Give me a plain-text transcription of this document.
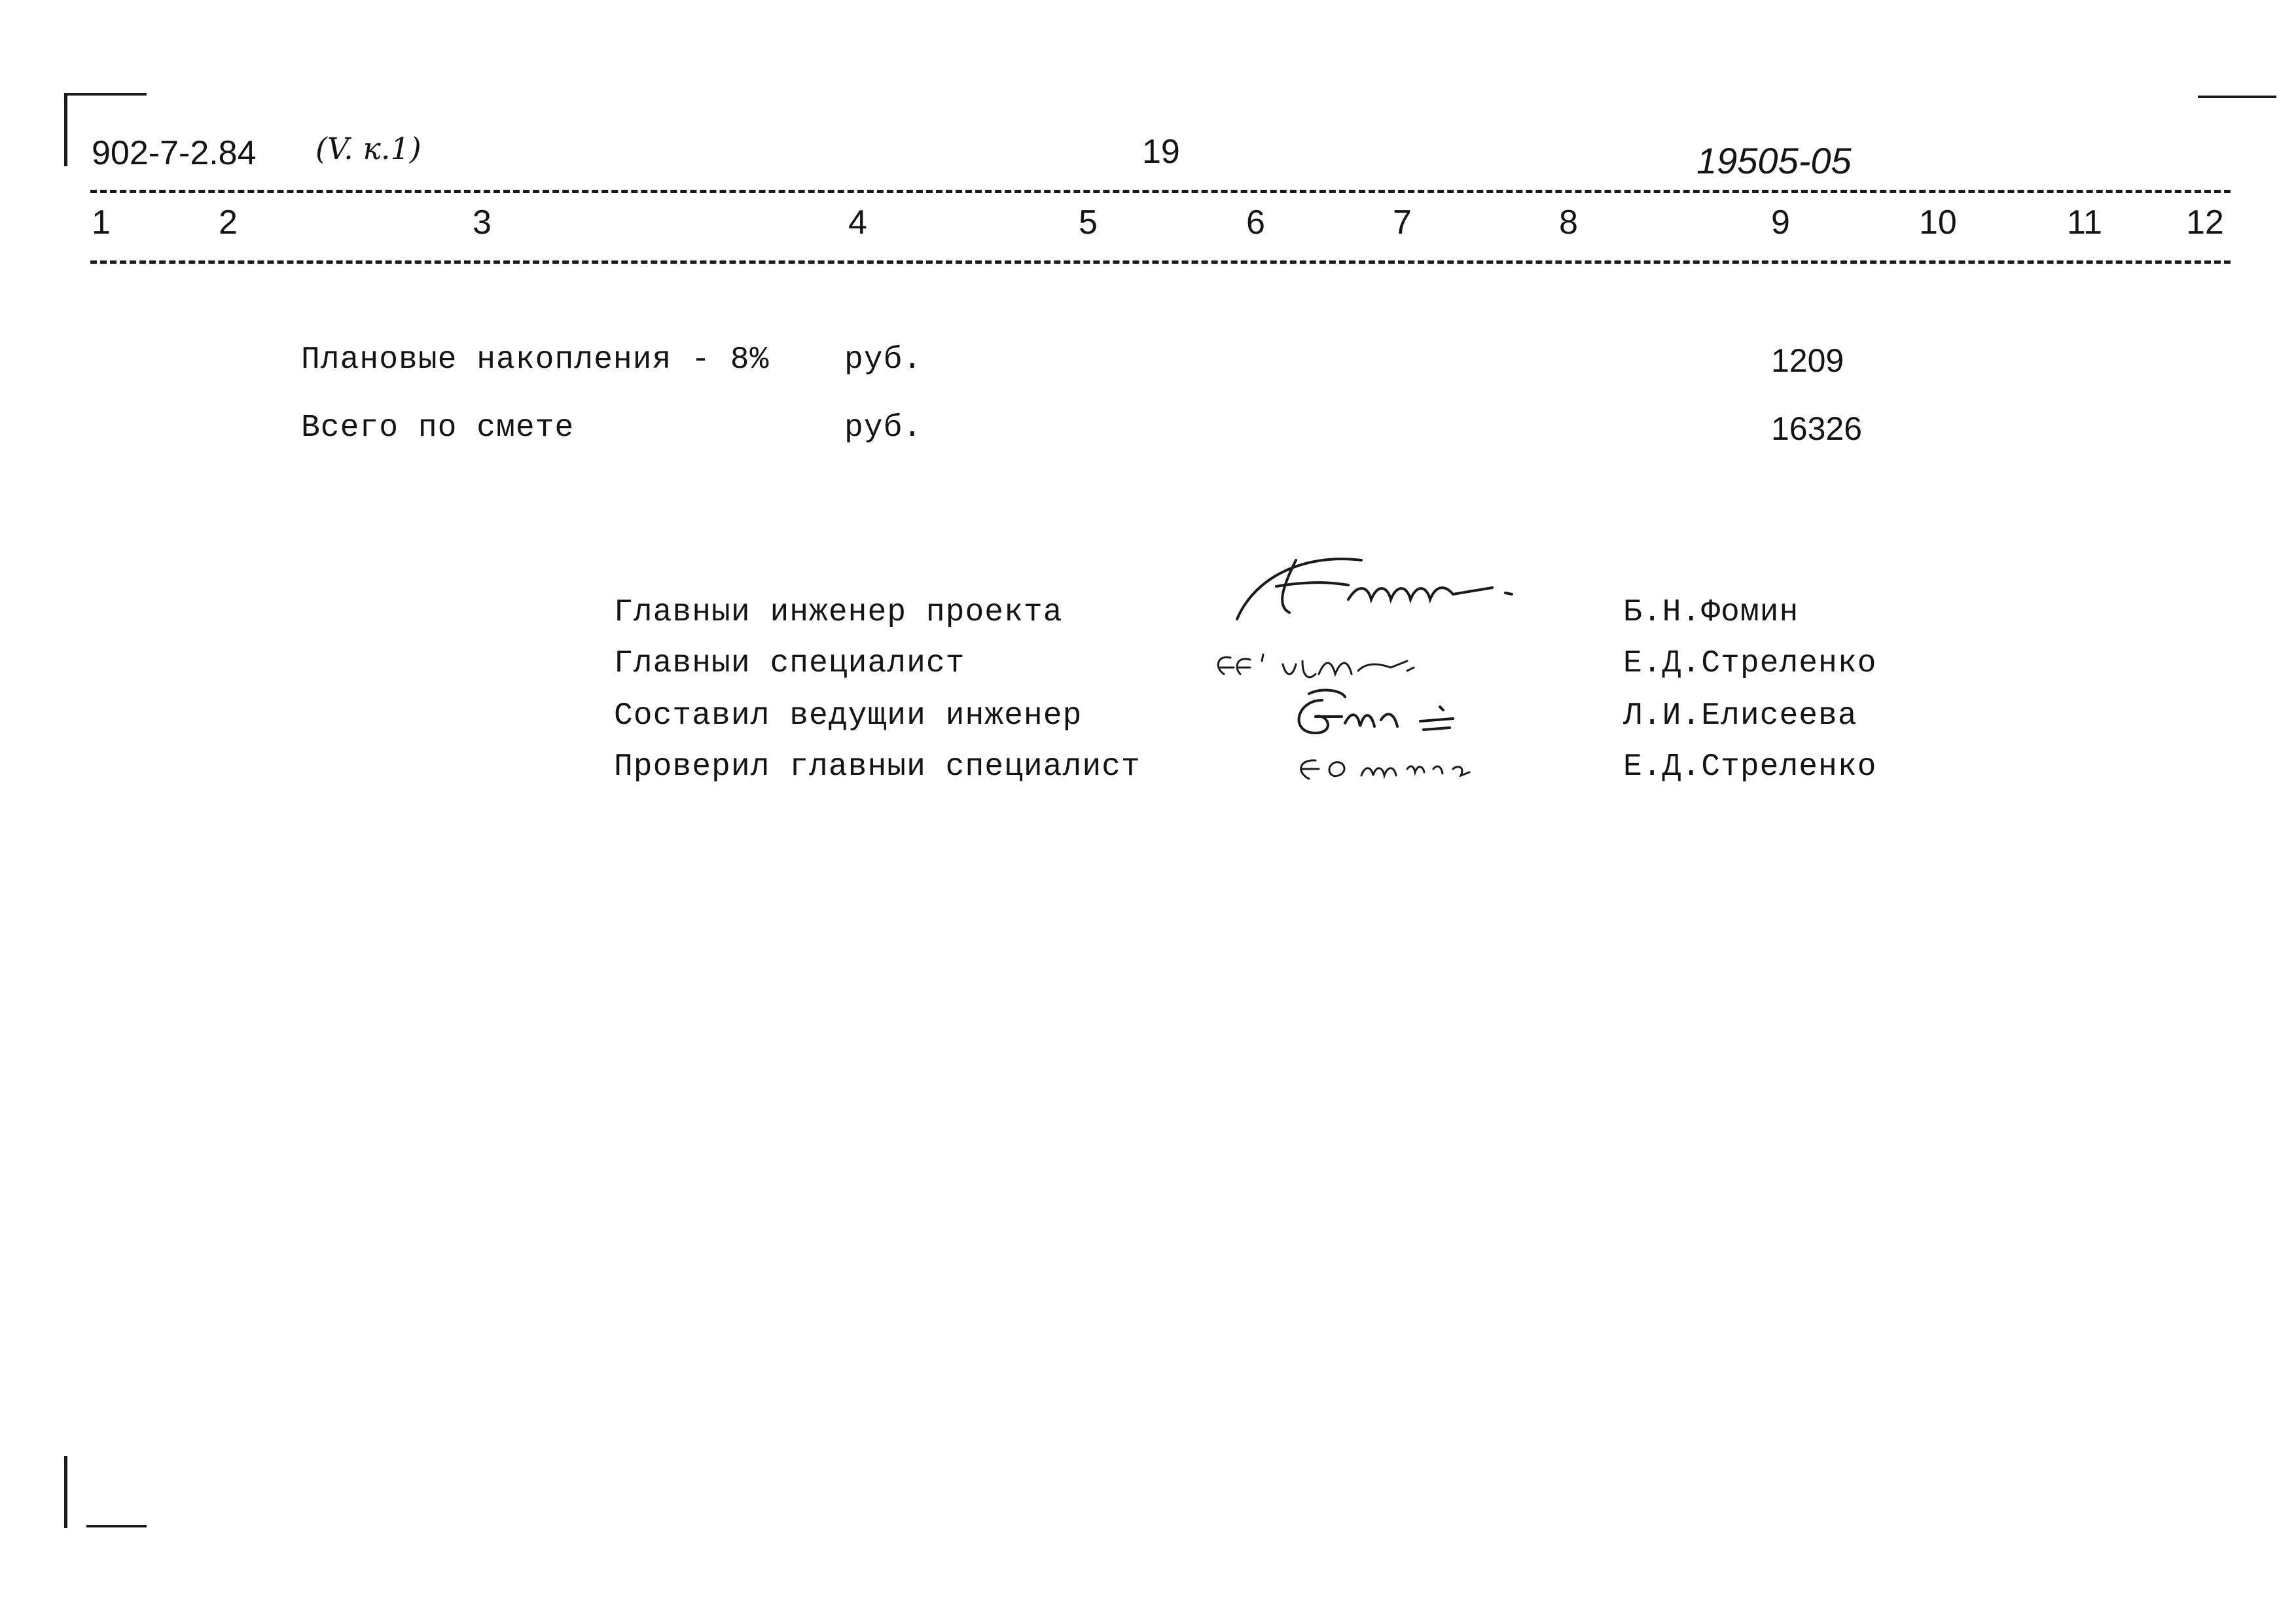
902-7-2.84 (V. к.1)	19	19505-05
1	2	3	4	5	6	7	8	9	10	11 12
Плановые накопления - 8% руб.	1209
Всего по смете	руб.	16326
Главныи инженер проекта	Б.Н.Фомин
Главныи специалист	Е.Д.Стреленко
Составил ведущии инженер	Л.И.Елисеева
Проверил главныи специалист	Е.Д.Стреленко
